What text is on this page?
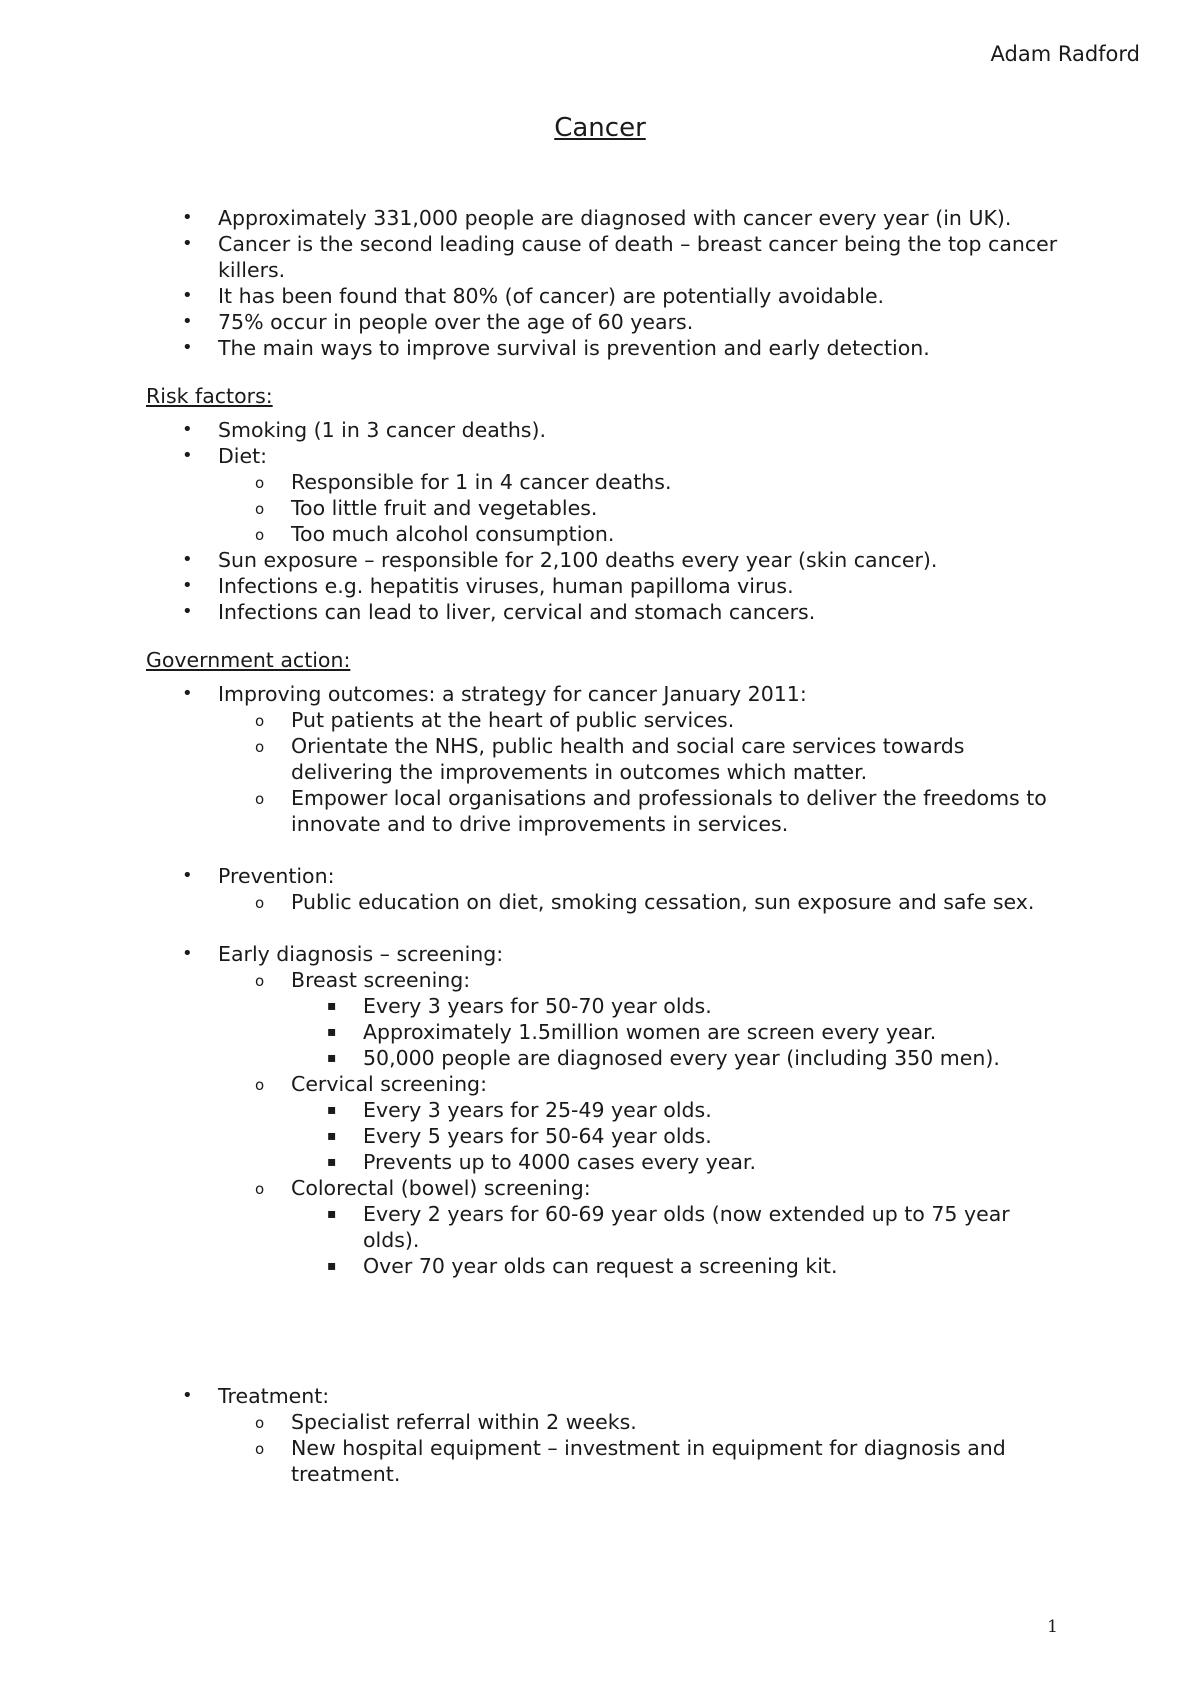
Adam Radford
Cancer
• Approximately 331,000 people are diagnosed with cancer every year (in UK).
• Cancer is the second leading cause of death – breast cancer being the top cancer killers.
• It has been found that 80% (of cancer) are potentially avoidable.
• 75% occur in people over the age of 60 years.
• The main ways to improve survival is prevention and early detection.
Risk factors:
• Smoking (1 in 3 cancer deaths).
• Diet:
o Responsible for 1 in 4 cancer deaths.
o Too little fruit and vegetables.
o Too much alcohol consumption.
• Sun exposure – responsible for 2,100 deaths every year (skin cancer).
• Infections e.g. hepatitis viruses, human papilloma virus.
• Infections can lead to liver, cervical and stomach cancers.
Government action:
• Improving outcomes: a strategy for cancer January 2011:
o Put patients at the heart of public services.
o Orientate the NHS, public health and social care services towards delivering the improvements in outcomes which matter.
o Empower local organisations and professionals to deliver the freedoms to innovate and to drive improvements in services.
• Prevention:
o Public education on diet, smoking cessation, sun exposure and safe sex.
• Early diagnosis – screening:
o Breast screening:
▪ Every 3 years for 50-70 year olds.
▪ Approximately 1.5million women are screen every year.
▪ 50,000 people are diagnosed every year (including 350 men).
o Cervical screening:
▪ Every 3 years for 25-49 year olds.
▪ Every 5 years for 50-64 year olds.
▪ Prevents up to 4000 cases every year.
o Colorectal (bowel) screening:
▪ Every 2 years for 60-69 year olds (now extended up to 75 year olds).
▪ Over 70 year olds can request a screening kit.
• Treatment:
o Specialist referral within 2 weeks.
o New hospital equipment – investment in equipment for diagnosis and treatment.
1
